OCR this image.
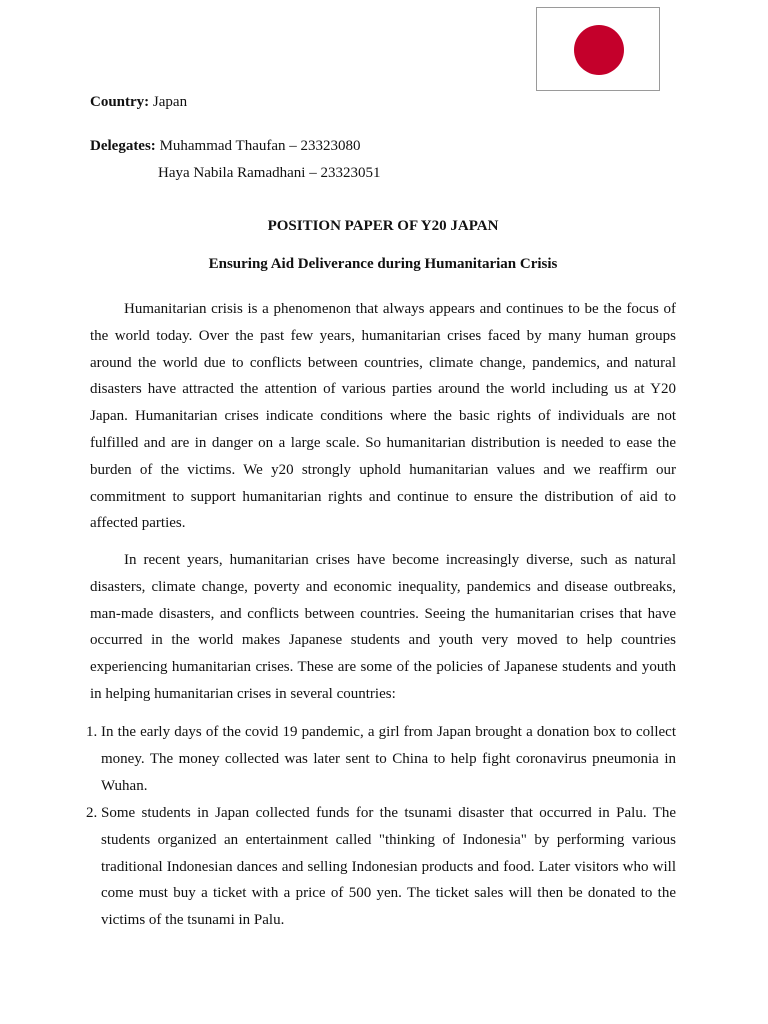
Country: Japan
Delegates: Muhammad Thaufan – 23323080
Haya Nabila Ramadhani – 23323051
POSITION PAPER OF Y20 JAPAN
Ensuring Aid Deliverance during Humanitarian Crisis

Humanitarian crisis is a phenomenon that always appears and continues to be the focus of the world today. Over the past few years, humanitarian crises faced by many human groups around the world due to conflicts between countries, climate change, pandemics, and natural disasters have attracted the attention of various parties around the world including us at Y20 Japan. Humanitarian crises indicate conditions where the basic rights of individuals are not fulfilled and are in danger on a large scale. So humanitarian distribution is needed to ease the burden of the victims. We y20 strongly uphold humanitarian values and we reaffirm our commitment to support humanitarian rights and continue to ensure the distribution of aid to affected parties.

In recent years, humanitarian crises have become increasingly diverse, such as natural disasters, climate change, poverty and economic inequality, pandemics and disease outbreaks, man-made disasters, and conflicts between countries. Seeing the humanitarian crises that have occurred in the world makes Japanese students and youth very moved to help countries experiencing humanitarian crises. These are some of the policies of Japanese students and youth in helping humanitarian crises in several countries:

1. In the early days of the covid 19 pandemic, a girl from Japan brought a donation box to collect money. The money collected was later sent to China to help fight coronavirus pneumonia in Wuhan.
2. Some students in Japan collected funds for the tsunami disaster that occurred in Palu. The students organized an entertainment called "thinking of Indonesia" by performing various traditional Indonesian dances and selling Indonesian products and food. Later visitors who will come must buy a ticket with a price of 500 yen. The ticket sales will then be donated to the victims of the tsunami in Palu.
